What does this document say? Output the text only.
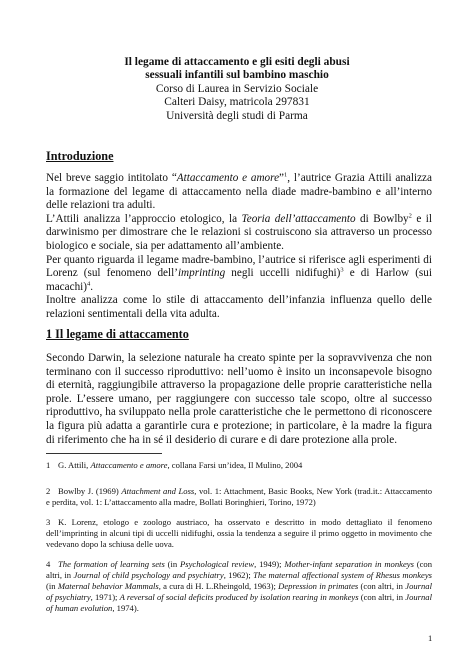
Il legame di attaccamento e gli esiti degli abusi
sessuali infantili sul bambino maschio
Corso di Laurea in Servizio Sociale
Calteri Daisy, matricola 297831
Università degli studi di Parma
Introduzione

Nel breve saggio intitolato “Attaccamento e amore”$^1$, l’autrice Grazia Attili analizza la formazione del legame di attaccamento nella diade madre-bambino e all’interno delle relazioni tra adulti.

L’Attili analizza l’approccio etologico, la Teoria dell’attaccamento di Bowlby$^2$ e il darwinismo per dimostrare che le relazioni si costruiscono sia attraverso un processo biologico e sociale, sia per adattamento all’ambiente.

Per quanto riguarda il legame madre-bambino, l’autrice si riferisce agli esperimenti di Lorenz (sul fenomeno dell’imprinting negli uccelli nidifughi)$^3$ e di Harlow (sui macachi)$^4$.

Inoltre analizza come lo stile di attaccamento dell’infanzia influenza quello delle relazioni sentimentali della vita adulta.

1 Il legame di attaccamento

Secondo Darwin, la selezione naturale ha creato spinte per la sopravvivenza che non terminano con il successo riproduttivo: nell’uomo è insito un inconsapevole bisogno di eternità, raggiungibile attraverso la propagazione delle proprie caratteristiche nella prole. L’essere umano, per raggiungere con successo tale scopo, oltre al successo riproduttivo, ha sviluppato nella prole caratteristiche che le permettono di riconoscere la figura più adatta a garantirle cura e protezione; in particolare, è la madre la figura di riferimento che ha in sé il desiderio di curare e di dare protezione alla prole.

1 G. Attili, Attaccamento e amore, collana Farsi un’idea, Il Mulino, 2004
2 Bowlby J. (1969) Attachment and Loss, vol. 1: Attachment, Basic Books, New York (trad.it.: Attaccamento e perdita, vol. 1: L’attaccamento alla madre, Bollati Boringhieri, Torino, 1972)
3 K. Lorenz, etologo e zoologo austriaco, ha osservato e descritto in modo dettagliato il fenomeno dell’imprinting in alcuni tipi di uccelli nidifughi, ossia la tendenza a seguire il primo oggetto in movimento che vedevano dopo la schiusa delle uova.
4 The formation of learning sets (in Psychological review, 1949); Mother-infant separation in monkeys (con altri, in Journal of child psychology and psychiatry, 1962); The maternal affectional system of Rhesus monkeys (in Maternal behavior Mammals, a cura di H. L.Rheingold, 1963); Depression in primates (con altri, in Journal of psychiatry, 1971); A reversal of social deficits produced by isolation rearing in monkeys (con altri, in Journal of human evolution, 1974).
1
